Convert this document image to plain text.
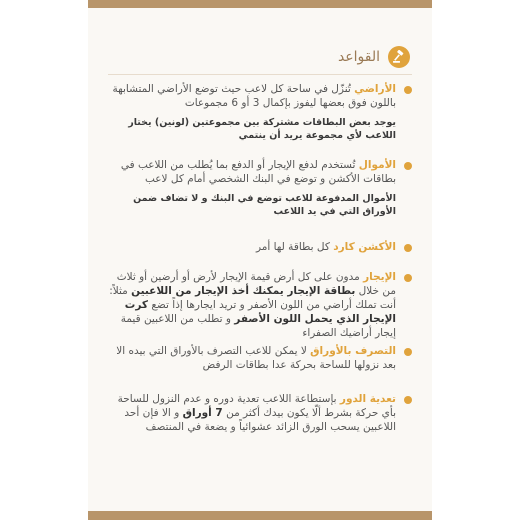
القواعد
الأراضي تُنزّل في ساحة كل لاعب حيث توضع الأراضي المتشابهة باللون فوق بعضها ليفوز بإكمال 3 أو 6 مجموعات
يوجد بعض البطاقات مشتركة بين مجموعتين (لونين) يختار اللاعب لأي مجموعة يريد أن ينتمي
الأموال تُستخدم لدفع الإيجار أو الدفع بما يُطلب من اللاعب في بطاقات الأكشن و توضع في البنك الشخصي أمام كل لاعب
الأموال المدفوعة للاعب توضع في البنك و لا تضاف ضمن الأوراق التي في يد اللاعب
الأكشن كارد كل بطاقة لها أمر
الإيجار مدون على كل أرض قيمة الإيجار لأرض أو أرضين أو ثلاث من خلال بطاقة الإيجار يمكنك أخذ الإيجار من اللاعبين مثلاً: أنت تملك أراضي من اللون الأصفر و تريد ايجارها إذاً تضع كرت الإيجار الذي يحمل اللون الأصفر و تطلب من اللاعبين قيمة إيجار أراضيك الصفراء
التصرف بالأوراق لا يمكن للاعب التصرف بالأوراق التي بيده الا بعد نزولها للساحة بحركة عدا بطاقات الرفض
تعدية الدور بإستطاعة اللاعب تعدية دوره و عدم النزول للساحة بأي حركة بشرط ألّا يكون بيدك أكثر من 7 أوراق و الا فإن أحد اللاعبين يسحب الورق الزائد عشوائياً و يضعة في المنتصف
